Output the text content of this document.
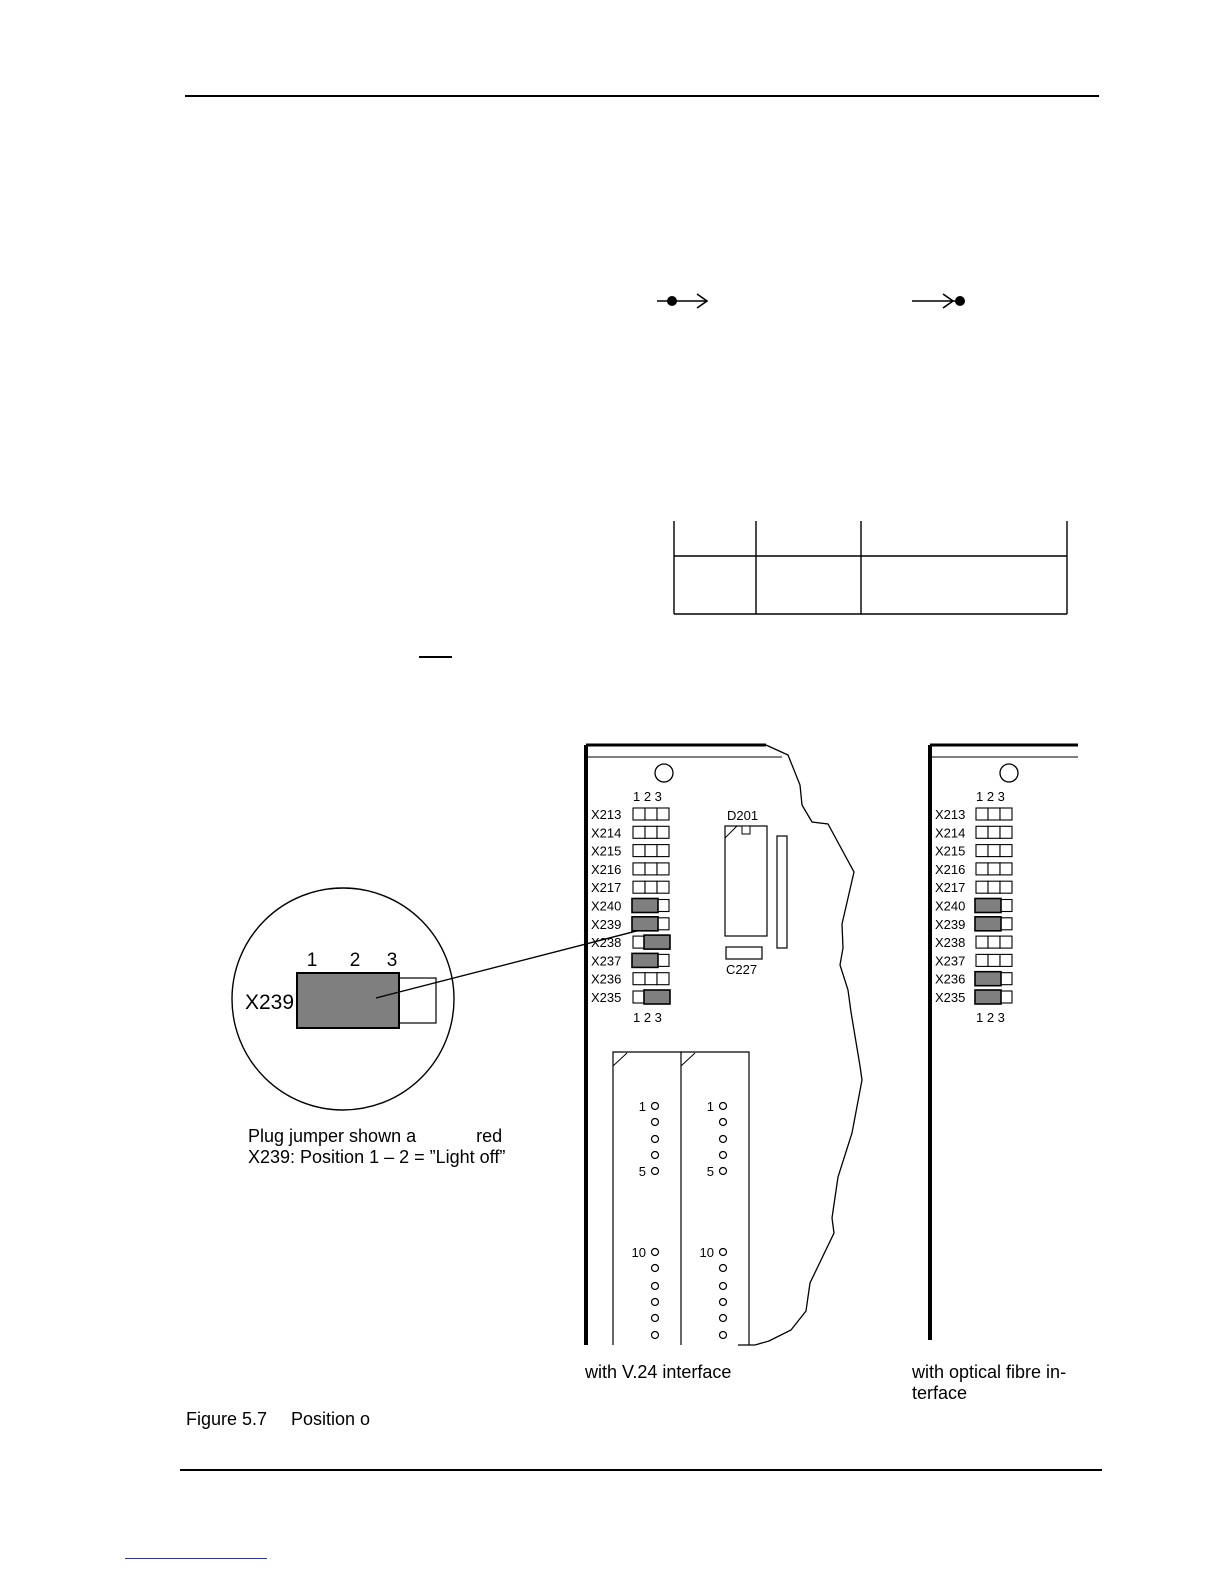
1 2 3
X239
1 2 3
X213
X214
X215
X216
X217
X240
X239
X238
X237
X236
X235
1 2 3
D201
C227
1
5
10
1
5
10
1 2 3
X213
X214
X215
X216
X217
X240
X239
X238
X237
X236
X235
1 2 3
Plug jumper shown a            red
X239: Position 1 – 2 = ”Light off”
with V.24 interface	with optical fibre in-
terface
Figure 5.7 Position o
